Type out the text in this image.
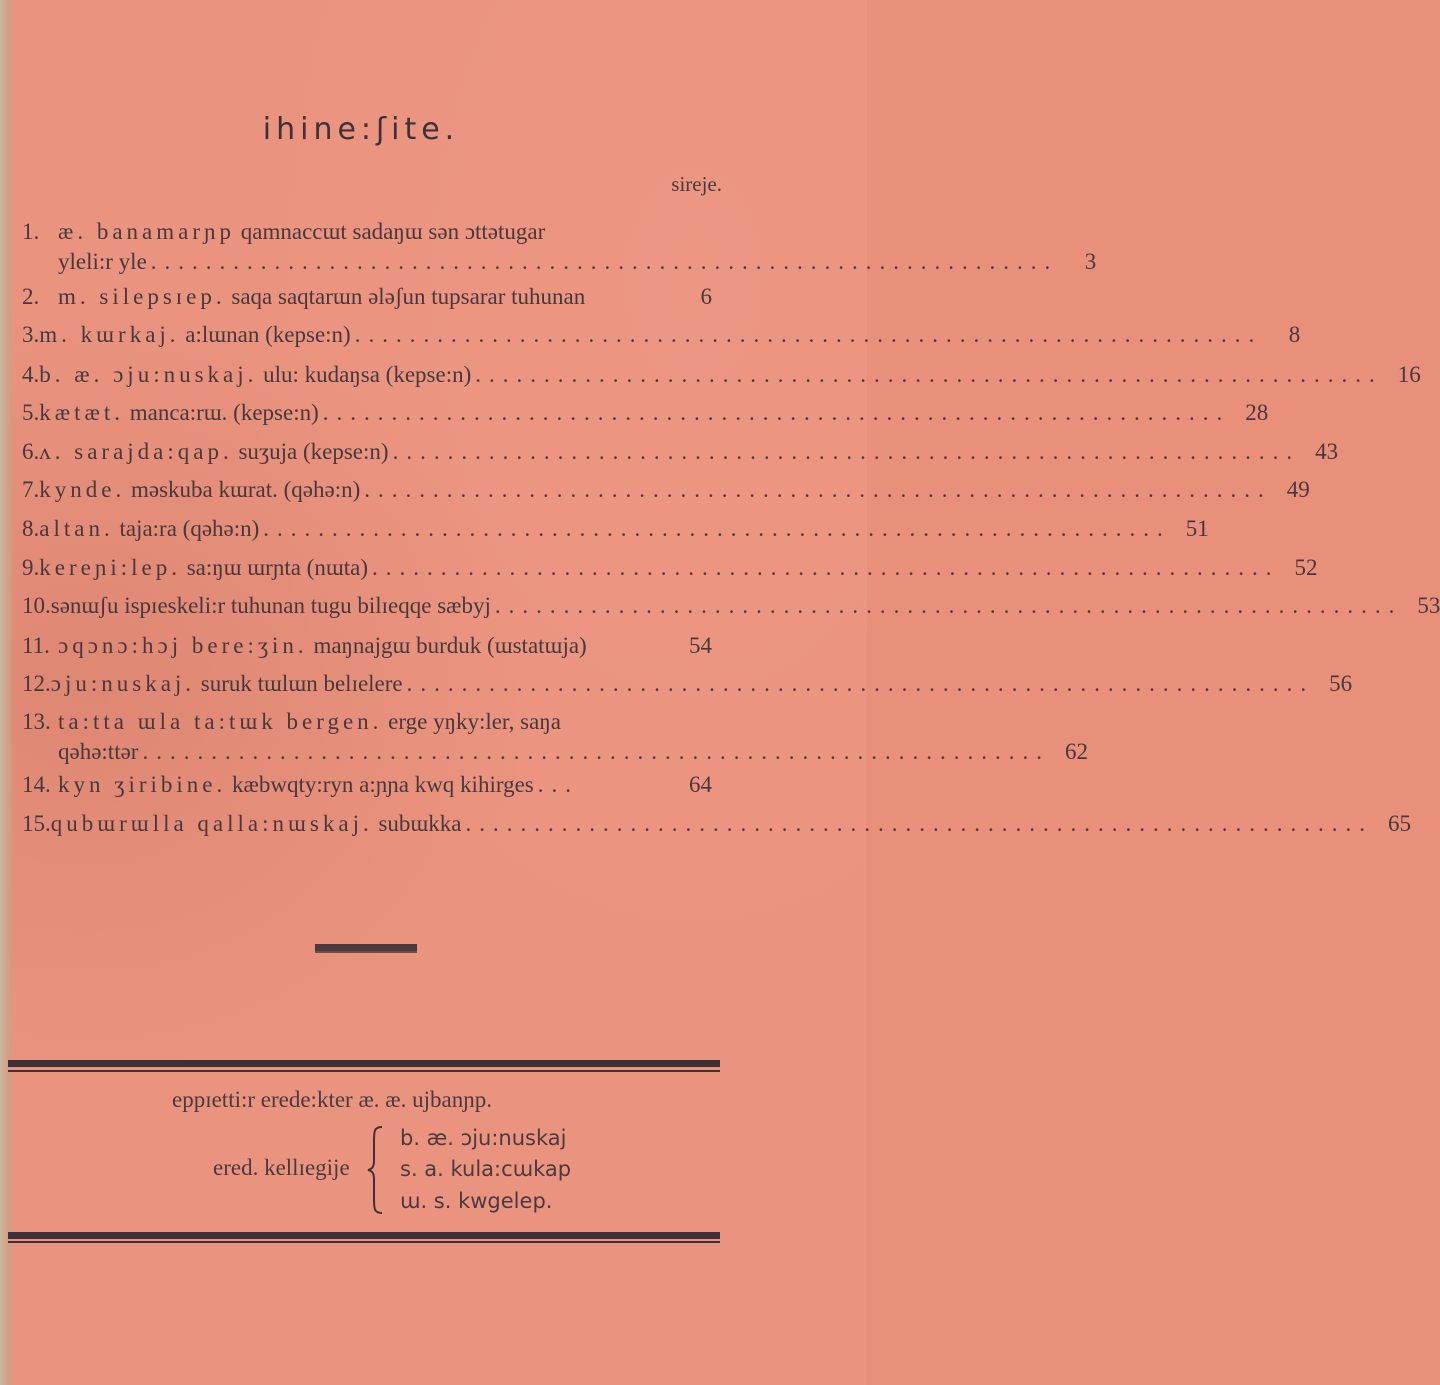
ihine:ʃite.
sireje.
1. æ. banamarɲp
qamnaccɯt sadaŋɯ sən ɔttətugar
yleli:r yle ..................................................................	3
2. m. silepsɪep.
saqa saqtarɯn ələʃun tupsarar tuhunan	6
3. m. kɯrkaj.
a:lɯnan (kepse:n) ..................................................................	8
4. b. æ. ɔju:nuskaj.
ulu: kudaŋsa (kepse:n) .................................................................. 16
5. kætæt.
manca:rɯ. (kepse:n) .................................................................. 28
6. ʌ. sarajda:qap.
suʒuja (kepse:n) .................................................................. 43
7. kynde.
məskuba kɯrat. (qəhə:n) .................................................................. 49
8. altan.
taja:ra (qəhə:n) .................................................................. 51
9. kereɲi:lep.
sa:ŋɯ ɯrɲta (nɯta) .................................................................. 52
10. sənɯʃu ispɪeskeli:r tuhunan tugu bilɪeqqe sæbyj .................................................................. 53
11. ɔqɔnɔ:hɔj bere:ʒin.
maŋnajgɯ burduk (ɯstatɯja)	54
12. ɔju:nuskaj.
suruk tɯlɯn belɪelere .................................................................. 56
13. ta:tta ɯla ta:tɯk bergen.
erge yŋky:ler, saŋa
qəhə:ttər .................................................................. 62
14. kyn ʒiribine.
kæbwqty:ryn a:ɲɲa kwq kihirges ...	64
15. qubɯrɯlla qalla:nɯskaj.
subɯkka .................................................................. 65
eppɪetti:r erede:kter æ. æ. ujbanɲp.
ered. kellɪegije
b. æ. ɔju:nuskaj
s. a. kula:cɯkap
ɯ. s. kwgelep.
